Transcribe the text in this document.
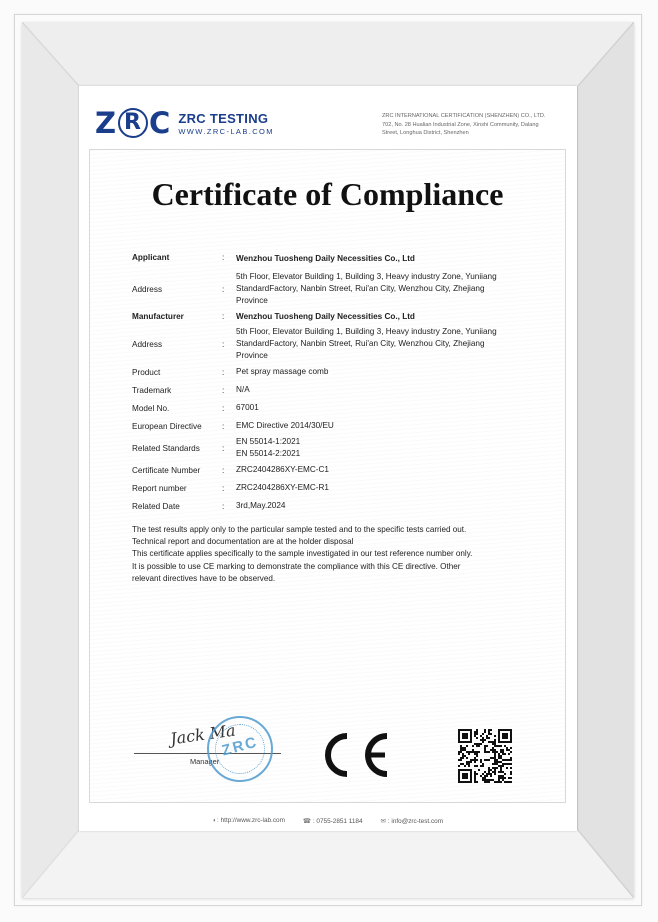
Z R C ZRC TESTING
WWW.ZRC-LAB.COM
ZRC INTERNATIONAL CERTIFICATION (SHENZHEN) CO., LTD.
702, No. 28 Hualian Industrial Zone, Xinshi Community, Dalang
Street, Longhua District, Shenzhen
Certificate of Compliance
Applicant	:	Wenzhou Tuosheng Daily Necessities Co., Ltd
Address	:
5th Floor, Elevator Building 1, Building 3, Heavy industry Zone, Yuniiang
StandardFactory, Nanbin Street, Rui'an City, Wenzhou City, Zhejiang
Province
Manufacturer	:	Wenzhou Tuosheng Daily Necessities Co., Ltd
Address	:
5th Floor, Elevator Building 1, Building 3, Heavy industry Zone, Yuniiang
StandardFactory, Nanbin Street, Rui'an City, Wenzhou City, Zhejiang
Province
Product	:	Pet spray massage comb
Trademark	:	N/A
Model No.	:	67001
European Directive	:	EMC Directive 2014/30/EU
Related Standards	:
EN 55014-1:2021
EN 55014-2:2021
Certificate Number	:	ZRC2404286XY-EMC-C1
Report number	:	ZRC2404286XY-EMC-R1
Related Date	:	3rd,May.2024
The test results apply only to the particular sample tested and to the specific tests carried out.
Technical report and documentation are at the holder disposal
This certificate applies specifically to the sample investigated in our test reference number only.
It is possible to use CE marking to demonstrate the compliance with this CE directive. Other
relevant directives have to be observed.
Jack Ma
Manager
ZRC
◐: http://www.zrc-lab.com	☎ : 0755-2851 1184	✉ : info@zrc-test.com
